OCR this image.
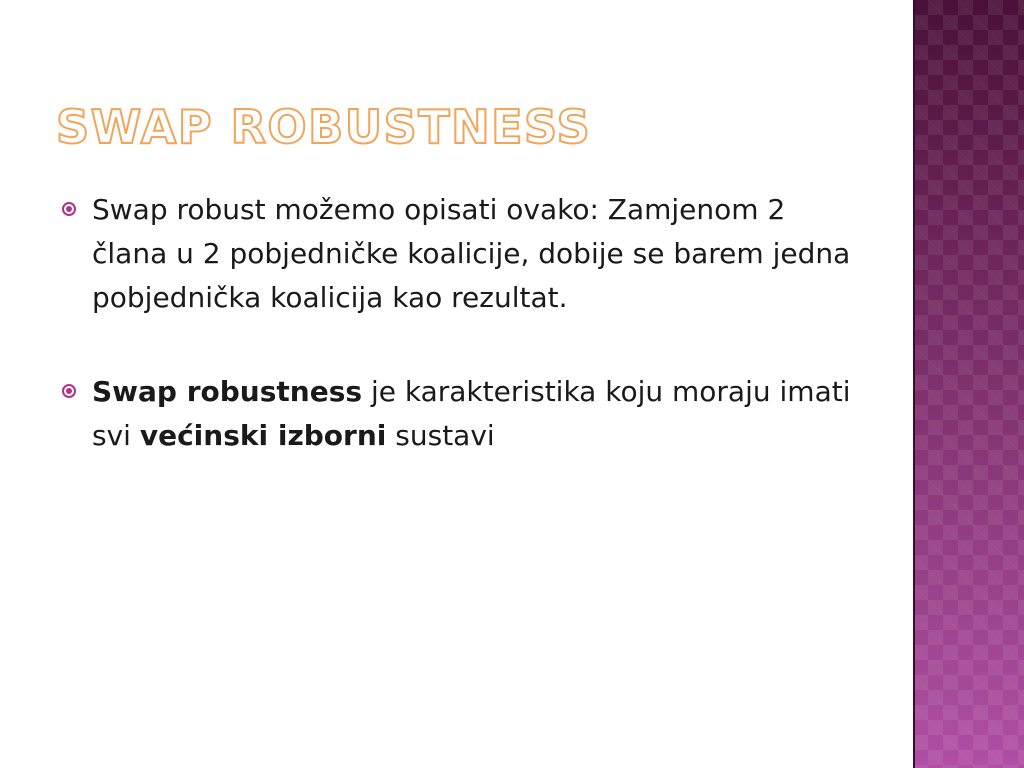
SWAP ROBUSTNESS
Swap robust možemo opisati ovako: Zamjenom 2 člana u 2 pobjedničke koalicije, dobije se barem jedna pobjednička koalicija kao rezultat.
Swap robustness je karakteristika koju moraju imati svi većinski izborni sustavi
